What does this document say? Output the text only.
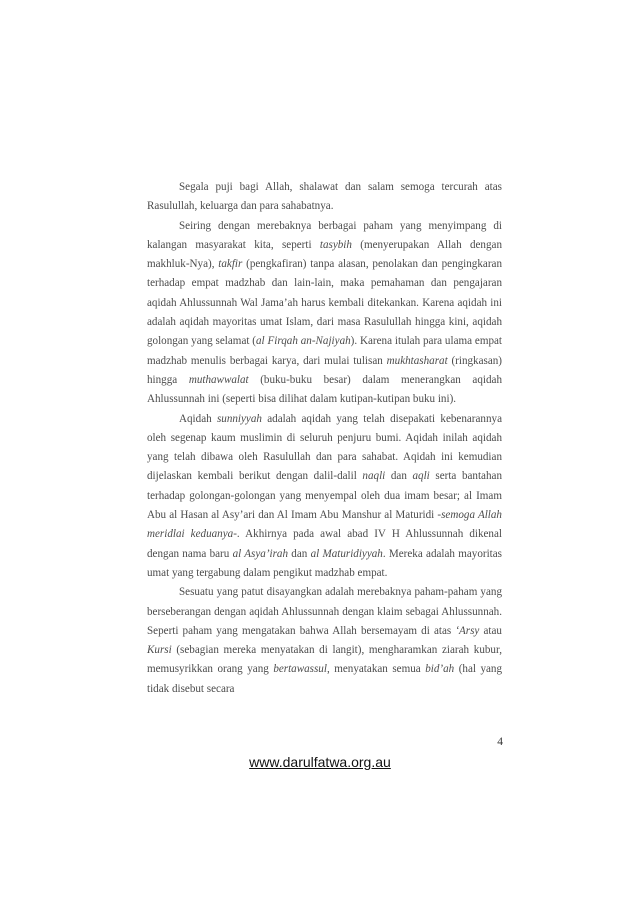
Segala puji bagi Allah, shalawat dan salam semoga tercurah atas Rasulullah, keluarga dan para sahabatnya.

Seiring dengan merebaknya berbagai paham yang menyimpang di kalangan masyarakat kita, seperti tasybih (menyerupakan Allah dengan makhluk-Nya), takfir (pengkafiran) tanpa alasan, penolakan dan pengingkaran terhadap empat madzhab dan lain-lain, maka pemahaman dan pengajaran aqidah Ahlussunnah Wal Jama’ah harus kembali ditekankan. Karena aqidah ini adalah aqidah mayoritas umat Islam, dari masa Rasulullah hingga kini, aqidah golongan yang selamat (al Firqah an-Najiyah). Karena itulah para ulama empat madzhab menulis berbagai karya, dari mulai tulisan mukhtasharat (ringkasan) hingga muthawwalat (buku-buku besar) dalam menerangkan aqidah Ahlussunnah ini (seperti bisa dilihat dalam kutipan-kutipan buku ini).

Aqidah sunniyyah adalah aqidah yang telah disepakati kebenarannya oleh segenap kaum muslimin di seluruh penjuru bumi. Aqidah inilah aqidah yang telah dibawa oleh Rasulullah dan para sahabat. Aqidah ini kemudian dijelaskan kembali berikut dengan dalil-dalil naqli dan aqli serta bantahan terhadap golongan-golongan yang menyempal oleh dua imam besar; al Imam Abu al Hasan al Asy’ari dan Al Imam Abu Manshur al Maturidi -semoga Allah meridlai keduanya-. Akhirnya pada awal abad IV H Ahlussunnah dikenal dengan nama baru al Asya’irah dan al Maturidiyyah. Mereka adalah mayoritas umat yang tergabung dalam pengikut madzhab empat.

Sesuatu yang patut disayangkan adalah merebaknya paham-paham yang berseberangan dengan aqidah Ahlussunnah dengan klaim sebagai Ahlussunnah. Seperti paham yang mengatakan bahwa Allah bersemayam di atas ‘Arsy atau Kursi (sebagian mereka menyatakan di langit), mengharamkan ziarah kubur, memusyrikkan orang yang bertawassul, menyatakan semua bid’ah (hal yang tidak disebut secara

4
www.darulfatwa.org.au
